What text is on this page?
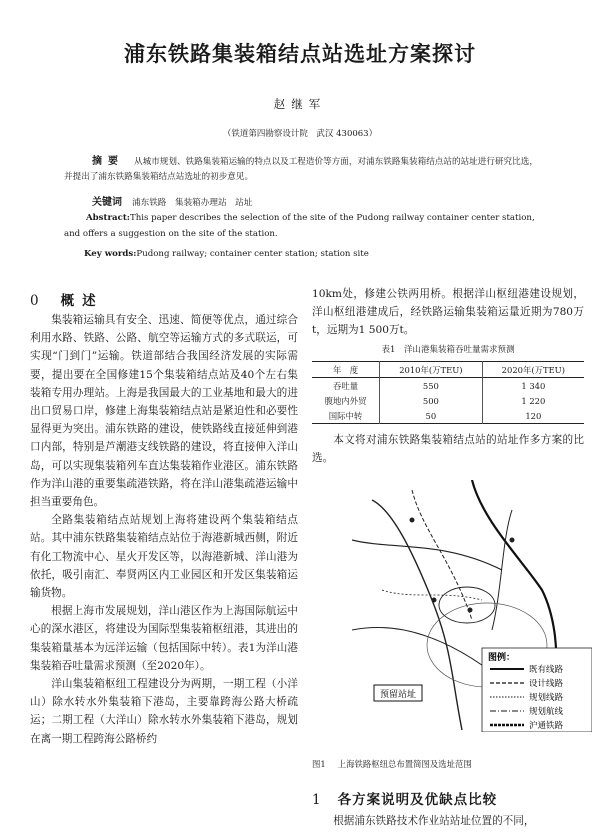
浦东铁路集装箱结点站选址方案探讨
赵继军
（铁道第四勘察设计院　武汉 430063）
摘要 从城市规划、铁路集装箱运输的特点以及工程造价等方面，对浦东铁路集装箱结点站的站址进行研究比选，并提出了浦东铁路集装箱结点站选址的初步意见。
关键词 浦东铁路　集装箱办理站　站址
Abstract:This paper describes the selection of the site of the Pudong railway container center station, and offers a suggestion on the site of the station.
Key words:Pudong railway; container center station; station site
0 概述

集装箱运输具有安全、迅速、简便等优点，通过综合利用水路、铁路、公路、航空等运输方式的多式联运，可实现“门到门”运输。铁道部结合我国经济发展的实际需要，提出要在全国修建15个集装箱结点站及40个左右集装箱专用办理站。上海是我国最大的工业基地和最大的进出口贸易口岸，修建上海集装箱结点站是紧迫性和必要性显得更为突出。浦东铁路的建设，使铁路线直接延伸到港口内部，特别是芦潮港支线铁路的建设，将直接伸入洋山岛，可以实现集装箱列车直达集装箱作业港区。浦东铁路作为洋山港的重要集疏港铁路，将在洋山港集疏港运输中担当重要角色。

全路集装箱结点站规划上海将建设两个集装箱结点站。其中浦东铁路集装箱结点站位于海港新城西侧，附近有化工物流中心、星火开发区等，以海港新城、洋山港为依托，吸引南汇、奉贤两区内工业园区和开发区集装箱运输货物。

根据上海市发展规划，洋山港区作为上海国际航运中心的深水港区，将建设为国际型集装箱枢纽港，其进出的集装箱量基本为远洋运输（包括国际中转）。表1为洋山港集装箱吞吐量需求预测（至2020年）。

洋山集装箱枢纽工程建设分为两期，一期工程（小洋山）除水转水外集装箱下港岛，主要靠跨海公路大桥疏运；二期工程（大洋山）除水转水外集装箱下港岛，规划在离一期工程跨海公路桥约

10km处，修建公铁两用桥。根据洋山枢纽港建设规划，洋山枢纽港建成后，经铁路运输集装箱运量近期为780万t，远期为1 500万t。

表1　洋山港集装箱吞吐量需求预测
年　度	2010年(万TEU)	2020年(万TEU)
吞吐量	550	1 340
腹地内外贸	500	1 220
国际中转	50	120

本文将对浦东铁路集装箱结点站的站址作多方案的比选。

预留站址
图例：
既有线路
设计线路
规划线路
规划航线
沪通铁路
图1 上海铁路枢纽总布置简图及选址范围
1 各方案说明及优缺点比较

根据浦东铁路技术作业站站址位置的不同，
